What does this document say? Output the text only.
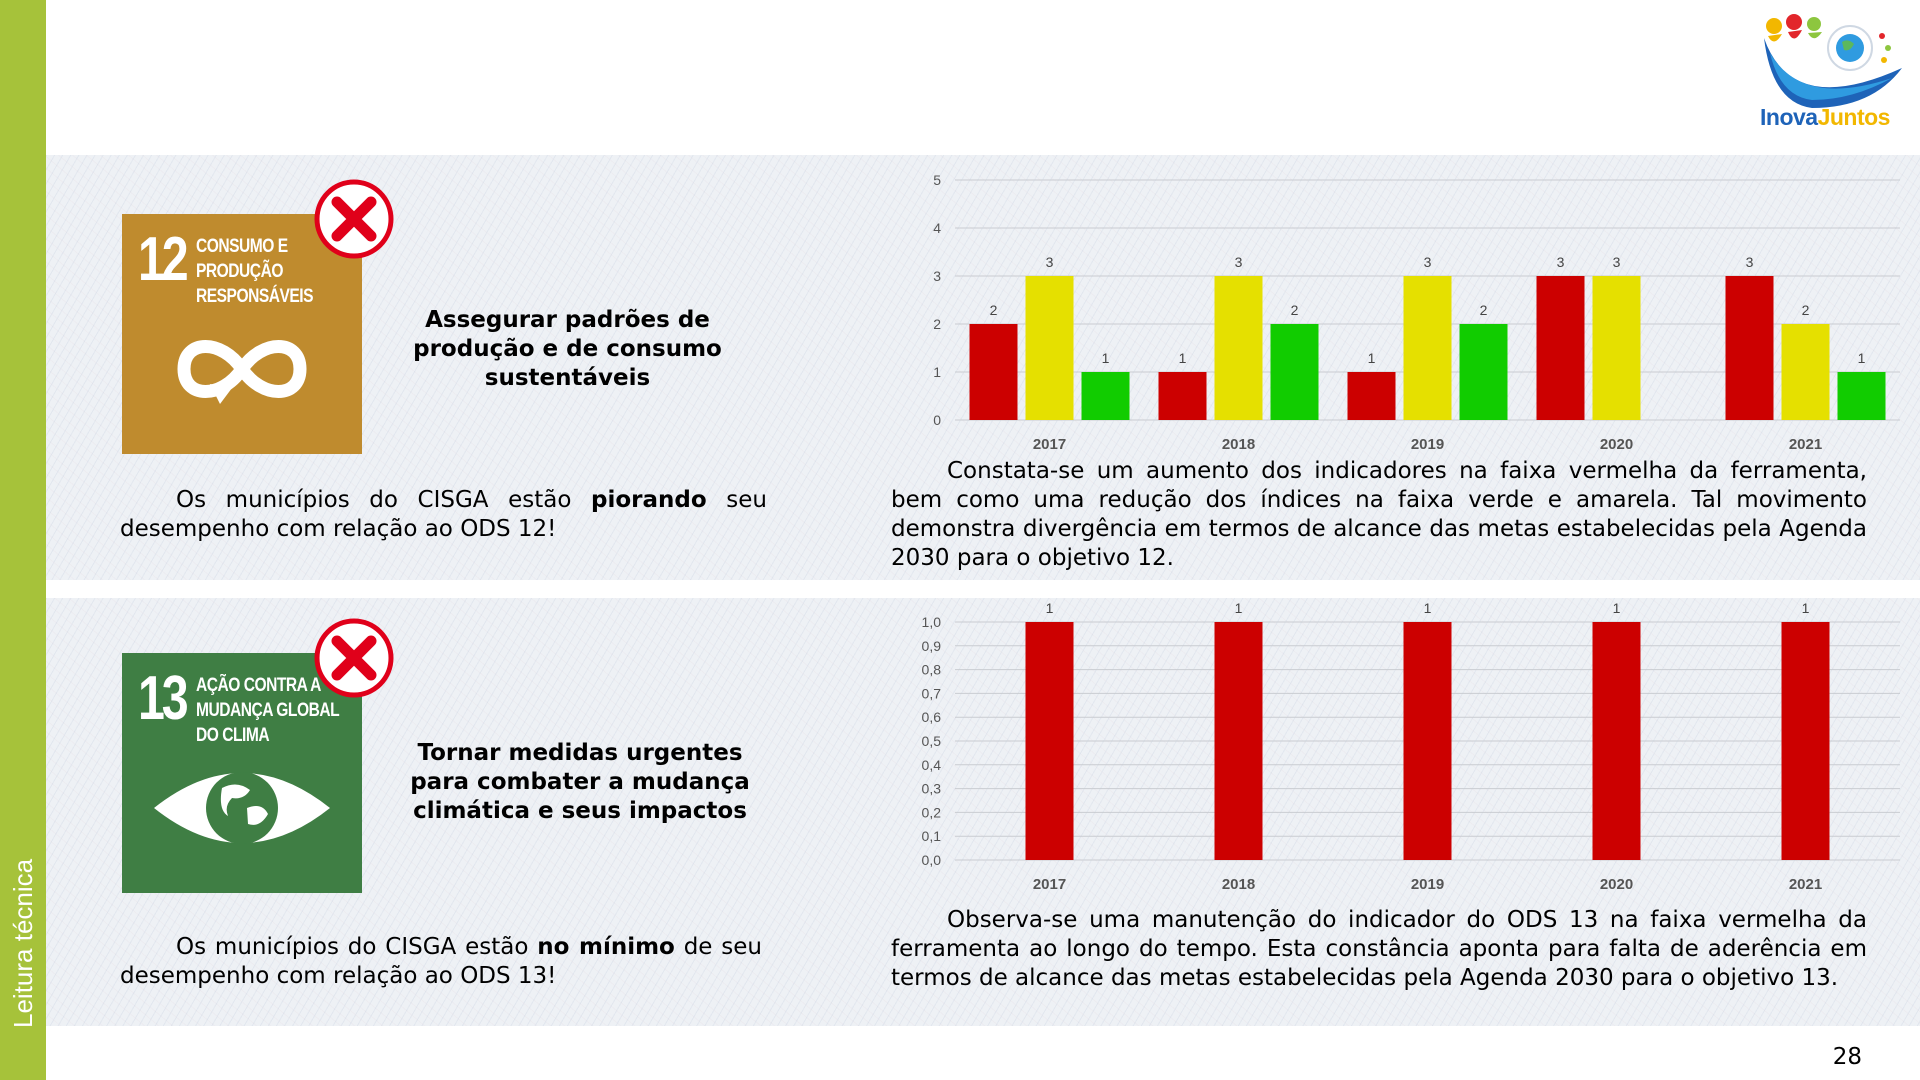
Leitura técnica
InovaJuntos
12 CONSUMO E
PRODUÇÃO
RESPONSÁVEIS
Assegurar padrões de produção e de consumo sustentáveis
Os municípios do CISGA estão piorando seu desempenho com relação ao ODS 12!
0
1
2
3
4
5
2
3
1
2017
1
3
2
2018
1
3
2
2019
3	3
2020
3
2
1
2021
Constata-se um aumento dos indicadores na faixa vermelha da ferramenta, bem como uma redução dos índices na faixa verde e amarela. Tal movimento demonstra divergência em termos de alcance das metas estabelecidas pela Agenda 2030 para o objetivo 12.
13 AÇÃO CONTRA A
MUDANÇA GLOBAL
DO CLIMA
Tornar medidas urgentes para combater a mudança climática e seus impactos
Os municípios do CISGA estão no mínimo de seu desempenho com relação ao ODS 13!
0,0
0,1
0,2
0,3
0,4
0,5
0,6
0,7
0,8
0,9
1,0
1
2017
1
2018
1
2019
1
2020
1
2021
Observa-se uma manutenção do indicador do ODS 13 na faixa vermelha da ferramenta ao longo do tempo. Esta constância aponta para falta de aderência em termos de alcance das metas estabelecidas pela Agenda 2030 para o objetivo 13.
28
